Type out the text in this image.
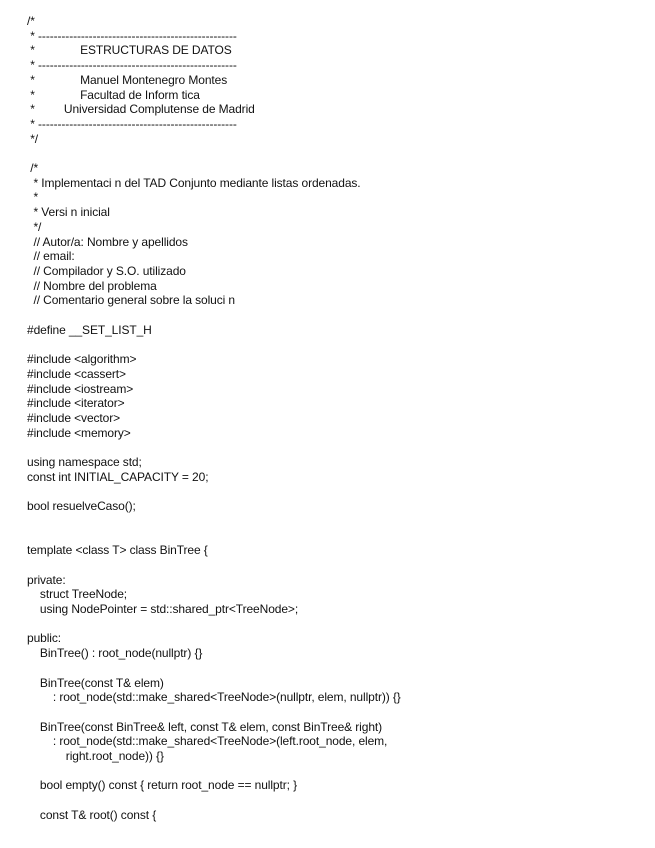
/*
* ---------------------------------------------------
*              ESTRUCTURAS DE DATOS
* ---------------------------------------------------
*              Manuel Montenegro Montes
*              Facultad de Inform tica
*         Universidad Complutense de Madrid
* ---------------------------------------------------
*/
/*
* Implementaci n del TAD Conjunto mediante listas ordenadas.
*
* Versi n inicial
*/
// Autor/a: Nombre y apellidos
// email:
// Compilador y S.O. utilizado
// Nombre del problema
// Comentario general sobre la soluci n
#define __SET_LIST_H
#include <algorithm>
#include <cassert>
#include <iostream>
#include <iterator>
#include <vector>
#include <memory>
using namespace std;
const int INITIAL_CAPACITY = 20;
bool resuelveCaso();
template <class T> class BinTree {
private:
struct TreeNode;
using NodePointer = std::shared_ptr<TreeNode>;
public:
BinTree() : root_node(nullptr) {}
BinTree(const T& elem)
: root_node(std::make_shared<TreeNode>(nullptr, elem, nullptr)) {}
BinTree(const BinTree& left, const T& elem, const BinTree& right)
: root_node(std::make_shared<TreeNode>(left.root_node, elem,
right.root_node)) {}
bool empty() const { return root_node == nullptr; }
const T& root() const {
